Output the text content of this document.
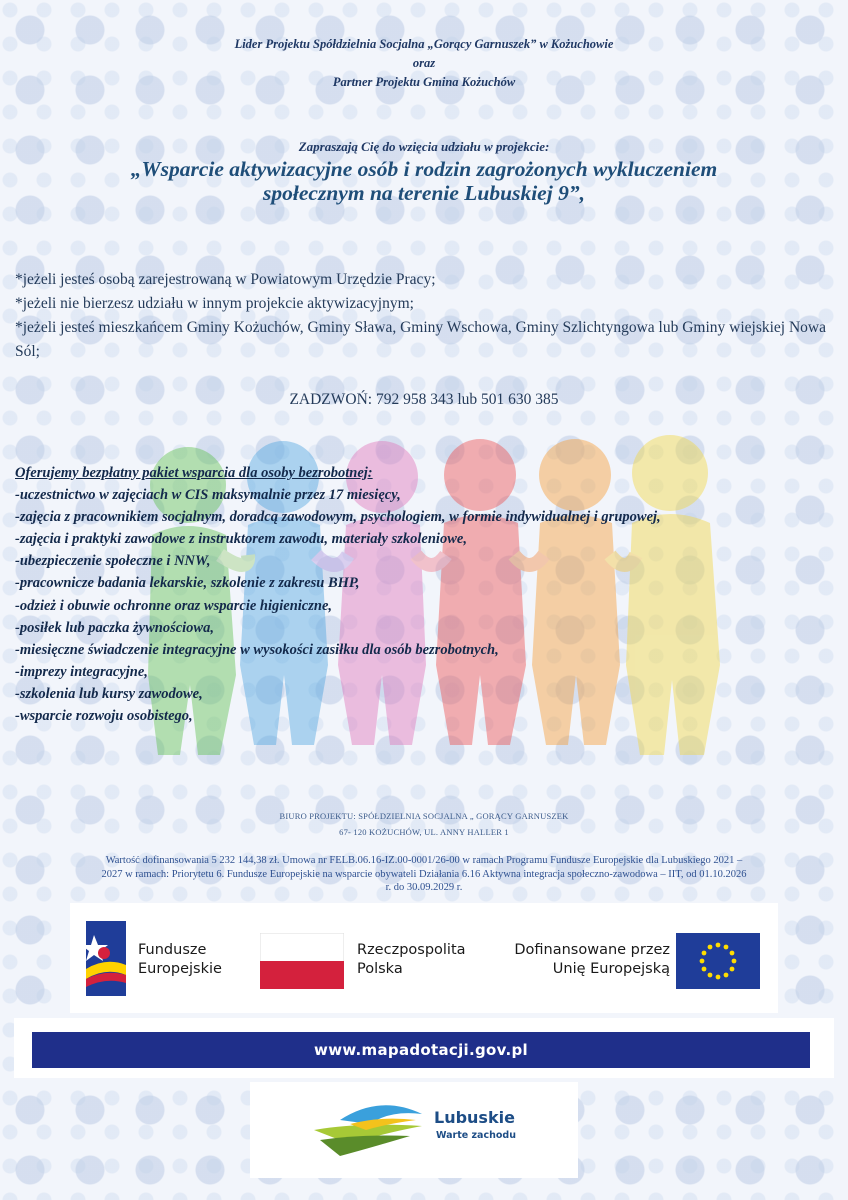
Lider Projektu Spółdzielnia Socjalna „Gorący Garnuszek” w Kożuchowie
oraz
Partner Projektu Gmina Kożuchów
Zapraszają Cię do wzięcia udziału w projekcie:
„Wsparcie aktywizacyjne osób i rodzin zagrożonych wykluczeniem
społecznym na terenie Lubuskiej 9”,
*jeżeli jesteś osobą zarejestrowaną w Powiatowym Urzędzie Pracy;
*jeżeli nie bierzesz udziału w innym projekcie aktywizacyjnym;
*jeżeli jesteś mieszkańcem Gminy Kożuchów, Gminy Sława, Gminy Wschowa, Gminy Szlichtyngowa lub Gminy wiejskiej Nowa Sól;
ZADZWOŃ: 792 958 343 lub 501 630 385
Oferujemy bezpłatny pakiet wsparcia dla osoby bezrobotnej:
-uczestnictwo w zajęciach w CIS maksymalnie przez 17 miesięcy,
-zajęcia z pracownikiem socjalnym, doradcą zawodowym, psychologiem, w formie indywidualnej i grupowej,
-zajęcia i praktyki zawodowe z instruktorem zawodu, materiały szkoleniowe,
-ubezpieczenie społeczne i NNW,
-pracownicze badania lekarskie, szkolenie z zakresu BHP,
-odzież i obuwie ochronne oraz wsparcie higieniczne,
-posiłek lub paczka żywnościowa,
-miesięczne świadczenie integracyjne w wysokości zasiłku dla osób bezrobotnych,
-imprezy integracyjne,
-szkolenia lub kursy zawodowe,
-wsparcie rozwoju osobistego,
BIURO PROJEKTU: SPÓŁDZIELNIA SOCJALNA „ GORĄCY GARNUSZEK
67- 120 KOŻUCHÓW, UL. ANNY HALLER 1
Wartość dofinansowania 5 232 144,38 zł. Umowa nr FELB.06.16-IZ.00-0001/26-00 w ramach Programu Fundusze Europejskie dla Lubuskiego 2021 –
2027 w ramach: Priorytetu 6. Fundusze Europejskie na wsparcie obywateli Działania 6.16 Aktywna integracja społeczno-zawodowa – IIT, od 01.10.2026
r. do 30.09.2029 r.
Fundusze
Europejskie
Rzeczpospolita
Polska
Dofinansowane przez
Unię Europejską
www.mapadotacji.gov.pl
Lubuskie
Warte zachodu
